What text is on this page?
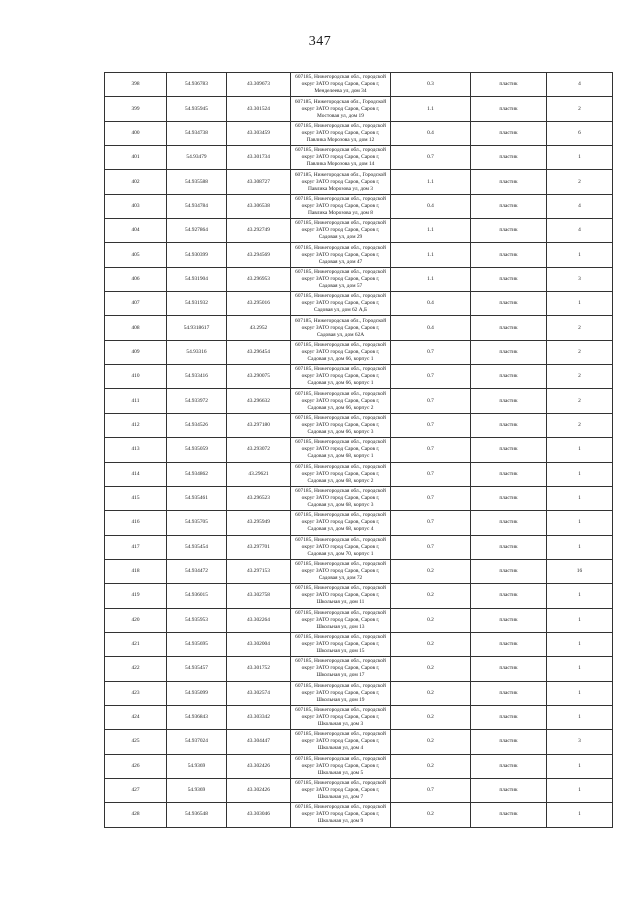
347
398	54.936783	43.309673	607185, Нижегородская обл., городской
округ ЗАТО город Саров, Саров г,
Менделеева ул, дом 34	0.3	пластик	4
399	54.935945	43.301524	607185, Нижегородская обл., Городской
округ ЗАТО город Саров, Саров г,
Мостовая ул, дом 19	1.1	пластик	2
400	54.934738	43.303459	607185, Нижегородская обл., городской
округ ЗАТО город Саров, Саров г,
Павлика Морозова ул, дом 12	0.4	пластик	6
401	54.93479	43.301734	607185, Нижегородская обл., городской
округ ЗАТО город Саров, Саров г,
Павлика Морозова ул, дом 14	0.7	пластик	1
402	54.935588	43.308727	607185, Нижегородская обл., Городской
округ ЗАТО город Саров, Саров г,
Павлика Морозова ул, дом 3	1.1	пластик	2
403	54.934784	43.306538	607185, Нижегородская обл., городской
округ ЗАТО город Саров, Саров г,
Павлика Морозова ул, дом 8	0.4	пластик	4
404	54.927864	43.292749	607185, Нижегородская обл., городской
округ ЗАТО город Саров, Саров г,
Садовая ул, дом 29	1.1	пластик	4
405	54.930399	43.294569	607185, Нижегородская обл., городской
округ ЗАТО город Саров, Саров г,
Садовая ул, дом 47	1.1	пластик	1
406	54.931904	43.296953	607185, Нижегородская обл., городской
округ ЗАТО город Саров, Саров г,
Садовая ул, дом 57	1.1	пластик	3
407	54.931932	43.295016	607185, Нижегородская обл., городской
округ ЗАТО город Саров, Саров г,
Садовая ул, дом 62 А,Б	0.4	пластик	1
408	54.9318617	43.2952	607185, Нижегородская обл., Городской
округ ЗАТО город Саров, Саров г,
Садовая ул, дом 62А	0.4	пластик	2
409	54.93316	43.296454	607185, Нижегородская обл., городской
округ ЗАТО город Саров, Саров г,
Садовая ул, дом 66, корпус 1	0.7	пластик	2
410	54.933416	43.290075	607185, Нижегородская обл., городской
округ ЗАТО город Саров, Саров г,
Садовая ул, дом 66, корпус 1	0.7	пластик	2
411	54.933972	43.296632	607185, Нижегородская обл., городской
округ ЗАТО город Саров, Саров г,
Садовая ул, дом 66, корпус 2	0.7	пластик	2
412	54.934526	43.297180	607185, Нижегородская обл., городской
округ ЗАТО город Саров, Саров г,
Садовая ул, дом 66, корпус 3	0.7	пластик	2
413	54.935059	43.293072	607185, Нижегородская обл., городской
округ ЗАТО город Саров, Саров г,
Садовая ул, дом 68, корпус 1	0.7	пластик	1
414	54.934862	43.29621	607185, Нижегородская обл., городской
округ ЗАТО город Саров, Саров г,
Садовая ул, дом 68, корпус 2	0.7	пластик	1
415	54.935461	43.296523	607185, Нижегородская обл., городской
округ ЗАТО город Саров, Саров г,
Садовая ул, дом 68, корпус 3	0.7	пластик	1
416	54.935705	43.295949	607185, Нижегородская обл., городской
округ ЗАТО город Саров, Саров г,
Садовая ул, дом 68, корпус 4	0.7	пластик	1
417	54.935454	43.297701	607185, Нижегородская обл., городской
округ ЗАТО город Саров, Саров г,
Садовая ул, дом 70, корпус 1	0.7	пластик	1
418	54.934472	43.297153	607185, Нижегородская обл., городской
округ ЗАТО город Саров, Саров г,
Садовая ул, дом 72	0.2	пластик	16
419	54.936015	43.302758	607185, Нижегородская обл., городской
округ ЗАТО город Саров, Саров г,
Школьная ул, дом 11	0.2	пластик	1
420	54.935953	43.302264	607185, Нижегородская обл., городской
округ ЗАТО город Саров, Саров г,
Школьная ул, дом 13	0.2	пластик	1
421	54.935695	43.302004	607185, Нижегородская обл., городской
округ ЗАТО город Саров, Саров г,
Школьная ул, дом 15	0.2	пластик	1
422	54.935457	43.301752	607185, Нижегородская обл., городской
округ ЗАТО город Саров, Саров г,
Школьная ул, дом 17	0.2	пластик	1
423	54.935099	43.302574	607185, Нижегородская обл., городской
округ ЗАТО город Саров, Саров г,
Школьная ул, дом 19	0.2	пластик	1
424	54.936843	43.303342	607185, Нижегородская обл., городской
округ ЗАТО город Саров, Саров г,
Школьная ул, дом 3	0.2	пластик	1
425	54.937024	43.304447	607185, Нижегородская обл., городской
округ ЗАТО город Саров, Саров г,
Школьная ул, дом 4	0.2	пластик	3
426	54.9369	43.302426	607185, Нижегородская обл., городской
округ ЗАТО город Саров, Саров г,
Школьная ул, дом 5	0.2	пластик	1
427	54.9369	43.302426	607185, Нижегородская обл., городской
округ ЗАТО город Саров, Саров г,
Школьная ул, дом 7	0.7	пластик	1
428	54.936548	43.303046	607185, Нижегородская обл., городской
округ ЗАТО город Саров, Саров г,
Школьная ул, дом 9	0.2	пластик	1
